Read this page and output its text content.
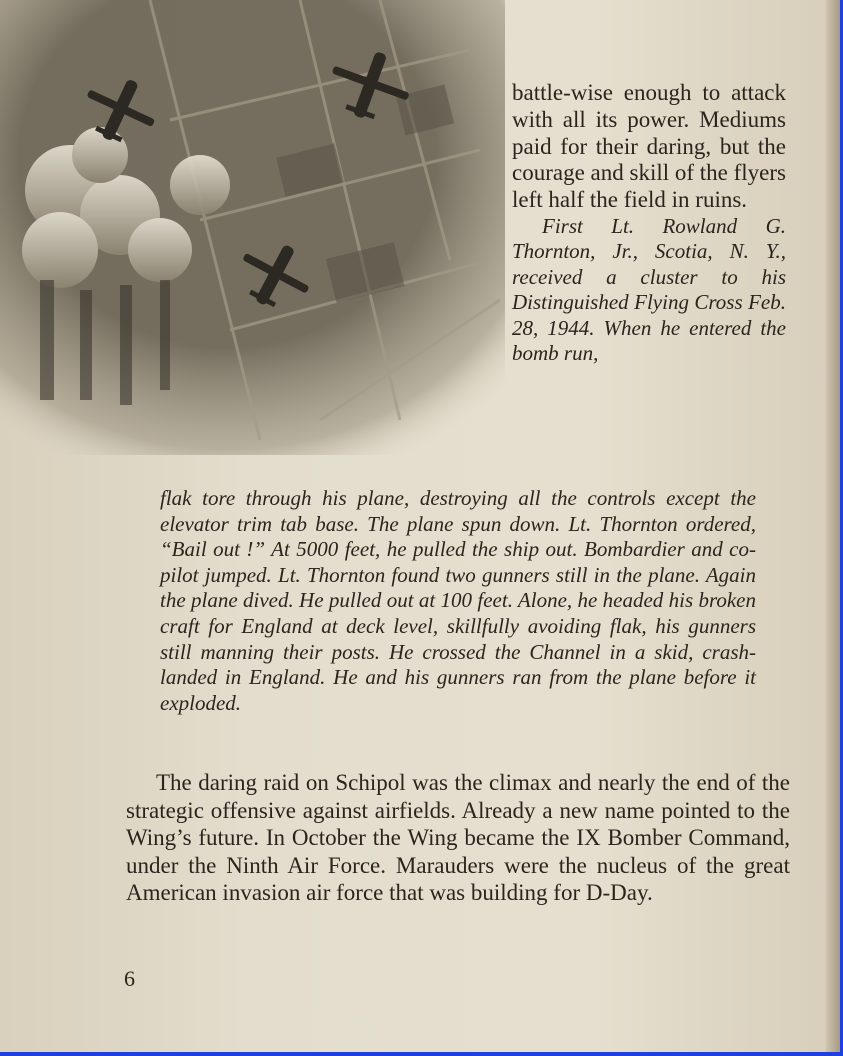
battle-wise enough to attack with all its power. Mediums paid for their daring, but the courage and skill of the flyers left half the field in ruins.

First Lt. Rowland G. Thornton, Jr., Scotia, N. Y., received a cluster to his Distinguished Flying Cross Feb. 28, 1944. When he entered the bomb run,

flak tore through his plane, destroying all the controls except the elevator trim tab base. The plane spun down. Lt. Thornton ordered, “Bail out !” At 5000 feet, he pulled the ship out. Bombardier and co-pilot jumped. Lt. Thornton found two gunners still in the plane. Again the plane dived. He pulled out at 100 feet. Alone, he headed his broken craft for England at deck level, skillfully avoiding flak, his gunners still manning their posts. He crossed the Channel in a skid, crash-landed in England. He and his gunners ran from the plane before it exploded.

The daring raid on Schipol was the climax and nearly the end of the strategic offensive against airfields. Already a new name pointed to the Wing’s future. In October the Wing became the IX Bomber Command, under the Ninth Air Force. Marauders were the nucleus of the great American invasion air force that was building for D-Day.

6
